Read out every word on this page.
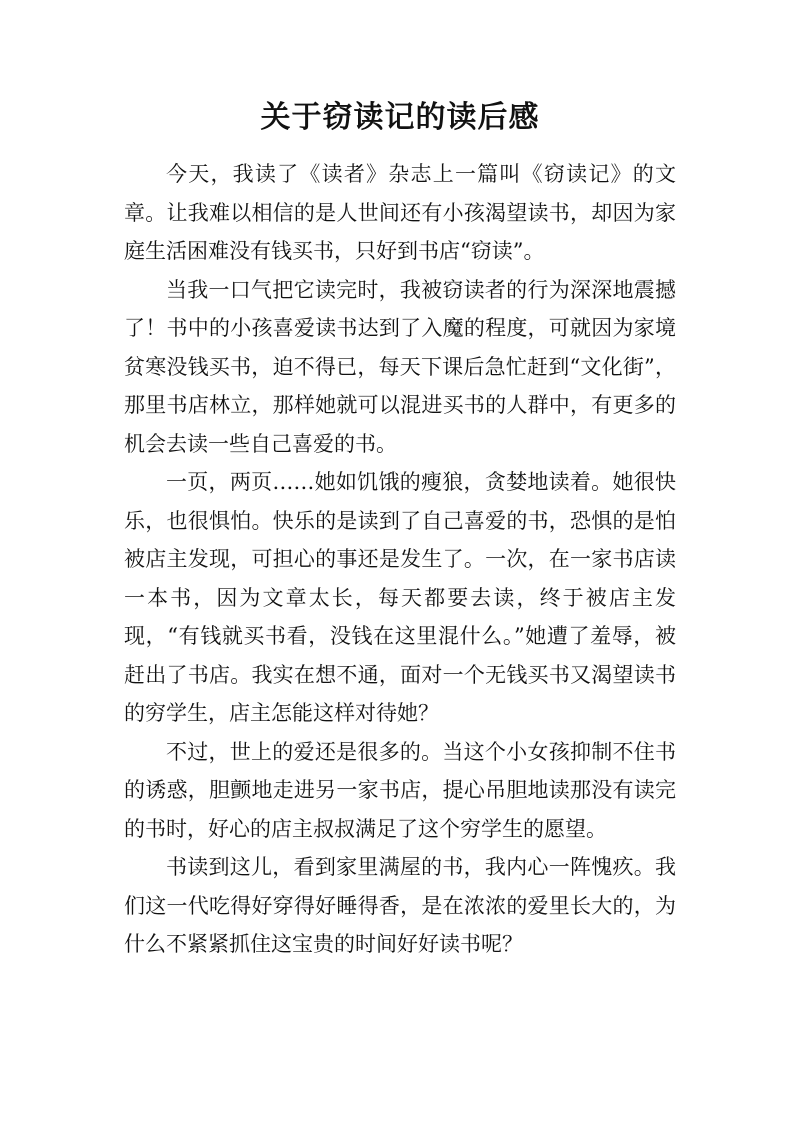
关于窃读记的读后感

今天，我读了《读者》杂志上一篇叫《窃读记》的文章。让我难以相信的是人世间还有小孩渴望读书，却因为家庭生活困难没有钱买书，只好到书店“窃读”。

当我一口气把它读完时，我被窃读者的行为深深地震撼了！书中的小孩喜爱读书达到了入魔的程度，可就因为家境贫寒没钱买书，迫不得已，每天下课后急忙赶到“文化街”，那里书店林立，那样她就可以混进买书的人群中，有更多的机会去读一些自己喜爱的书。

一页，两页……她如饥饿的瘦狼，贪婪地读着。她很快乐，也很惧怕。快乐的是读到了自己喜爱的书，恐惧的是怕被店主发现，可担心的事还是发生了。一次，在一家书店读一本书，因为文章太长，每天都要去读，终于被店主发现，“有钱就买书看，没钱在这里混什么。”她遭了羞辱，被赶出了书店。我实在想不通，面对一个无钱买书又渴望读书的穷学生，店主怎能这样对待她？

不过，世上的爱还是很多的。当这个小女孩抑制不住书的诱惑，胆颤地走进另一家书店，提心吊胆地读那没有读完的书时，好心的店主叔叔满足了这个穷学生的愿望。

书读到这儿，看到家里满屋的书，我内心一阵愧疚。我们这一代吃得好穿得好睡得香，是在浓浓的爱里长大的，为什么不紧紧抓住这宝贵的时间好好读书呢？
